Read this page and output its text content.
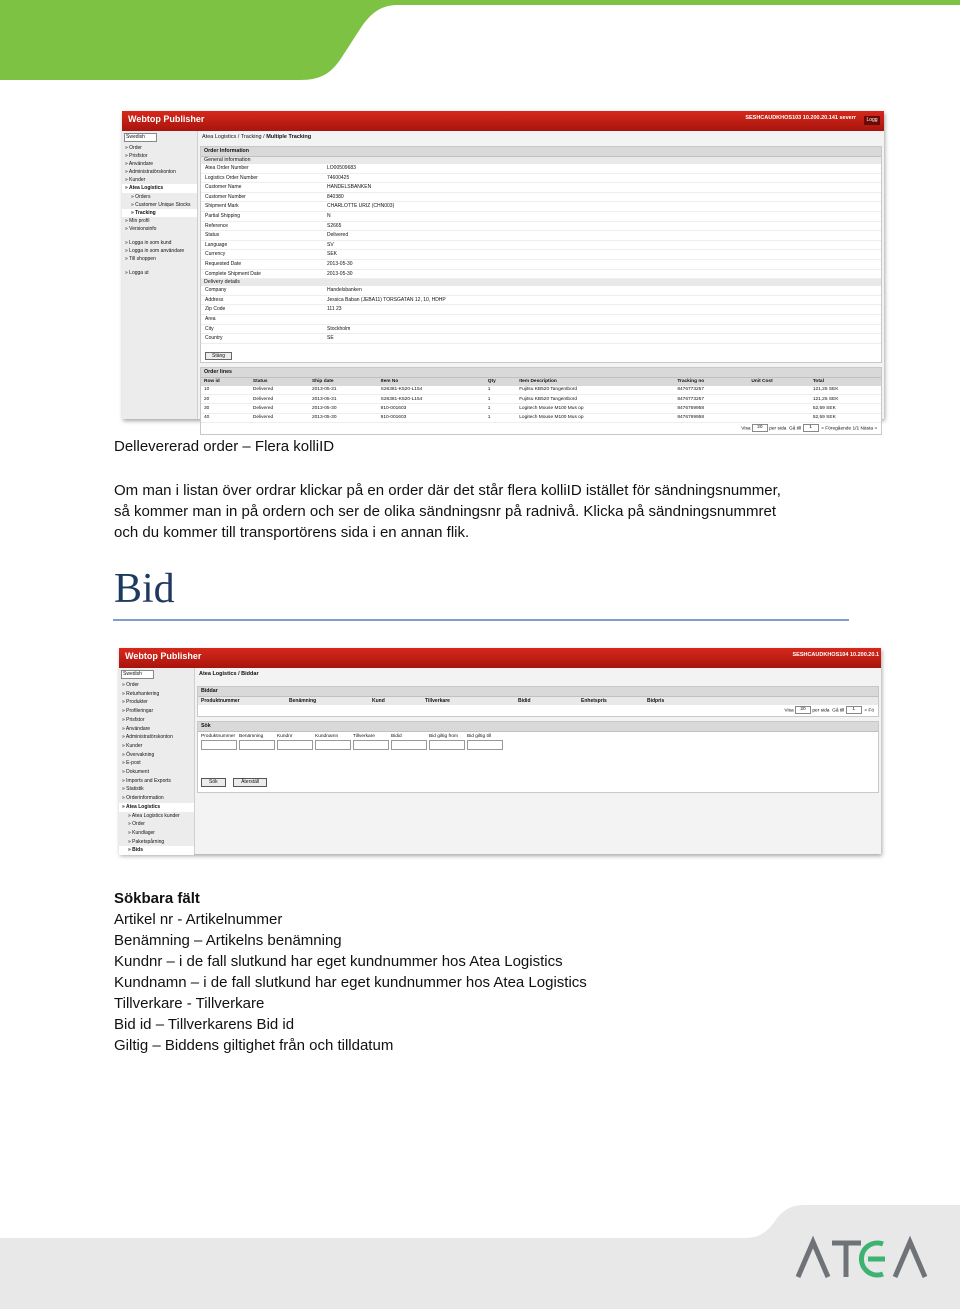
Webtop Publisher	SESHCAUDKHOS103 10.200.20.141 severr	Logg
Swedish
» Order
» Prisfstor
» Användare
» Administratörskonton
» Kunder
» Atea Logistics
» Orders
» Customer Unique Stocks
» Tracking
» Min profil
» Versionsinfo
» Logga in som kund
» Logga in som användare
» Till shoppen
» Logga ut
Atea Logistics / Tracking / Multiple Tracking
Order Information
General information
Atea Order Number	LO00509683
Logistics Order Number	74600425
Customer Name	HANDELSBANKEN
Customer Number	840380
Shipment Mark	CHARLOTTE URIZ (CHN003)
Partial Shipping	N
Reference	S2665
Status	Delivered
Language	SV
Currency	SEK
Requested Date	2013-05-30
Complete Shipment Date	2013-05-30
Delivery details
Company	Handelsbanken
Address	Jessica Baban (JEBA11) TORSGATAN 12, 10, HDHP
Zip Code	111 23
Area
City	Stockholm
Country	SE
Stäng
Order lines
Row id	Status	Ship date	Item No	Qty	Item Description	Tracking no	Unit Cost	Total
10	Delivered	2013-05-31	S26381-K520-L154	1	Fujitsu KB520 Tangentbord	8476773257		121,25 SEK
20	Delivered	2013-05-31	S26381-K520-L154	1	Fujitsu KB520 Tangentbord	8476773257		121,25 SEK
30	Delivered	2013-05-30	910-001603	1	Logitech Mouse M100 Mus op	8476769958		52,59 SEK
40	Delivered	2013-05-30	910-001603	1	Logitech Mouse M100 Mus op	8476769958		52,59 SEK
Visa 20 per sida Gå till 1 « Föregående 1/1 Nästa »
Dellevererad order – Flera kolliID
Om man i listan över ordrar klickar på en order där det står flera kolliID istället för sändningsnummer,
så kommer man in på ordern och ser de olika sändningsnr på radnivå. Klicka på sändningsnummret
och du kommer till transportörens sida i en annan flik.
Bid
Webtop Publisher	SESHCAUDKHOS104 10.200.20.1
Swedish
» Order
» Returhantering
» Produkter
» Profileringar
» Prisfstor
» Användare
» Administratörskonton
» Kunder
» Övervakning
» E-post
» Dokument
» Imports and Exports
» Statistik
» Orderinformation
» Atea Logistics
» Atea Logistics kunder
» Order
» Kundlager
» Paketspårning
» Bids
Atea Logistics / Biddar
Biddar
Produktnummer	Benämning	Kund	Tillverkare	Bidid	Enhetspris	Bidpris
Visa 20 per sida Gå till 1 « Fö
Sök
Produktnummer Benämning	Kundnr	Kundnamn	Tillverkare	Bidid	Bid giltig from	Bid giltig till
Sök	Återställ
Sökbara fält
Artikel nr - Artikelnummer
Benämning – Artikelns benämning
Kundnr – i de fall slutkund har eget kundnummer hos Atea Logistics
Kundnamn – i de fall slutkund har eget kundnummer hos Atea Logistics
Tillverkare - Tillverkare
Bid id – Tillverkarens Bid id
Giltig – Biddens giltighet från och tilldatum
